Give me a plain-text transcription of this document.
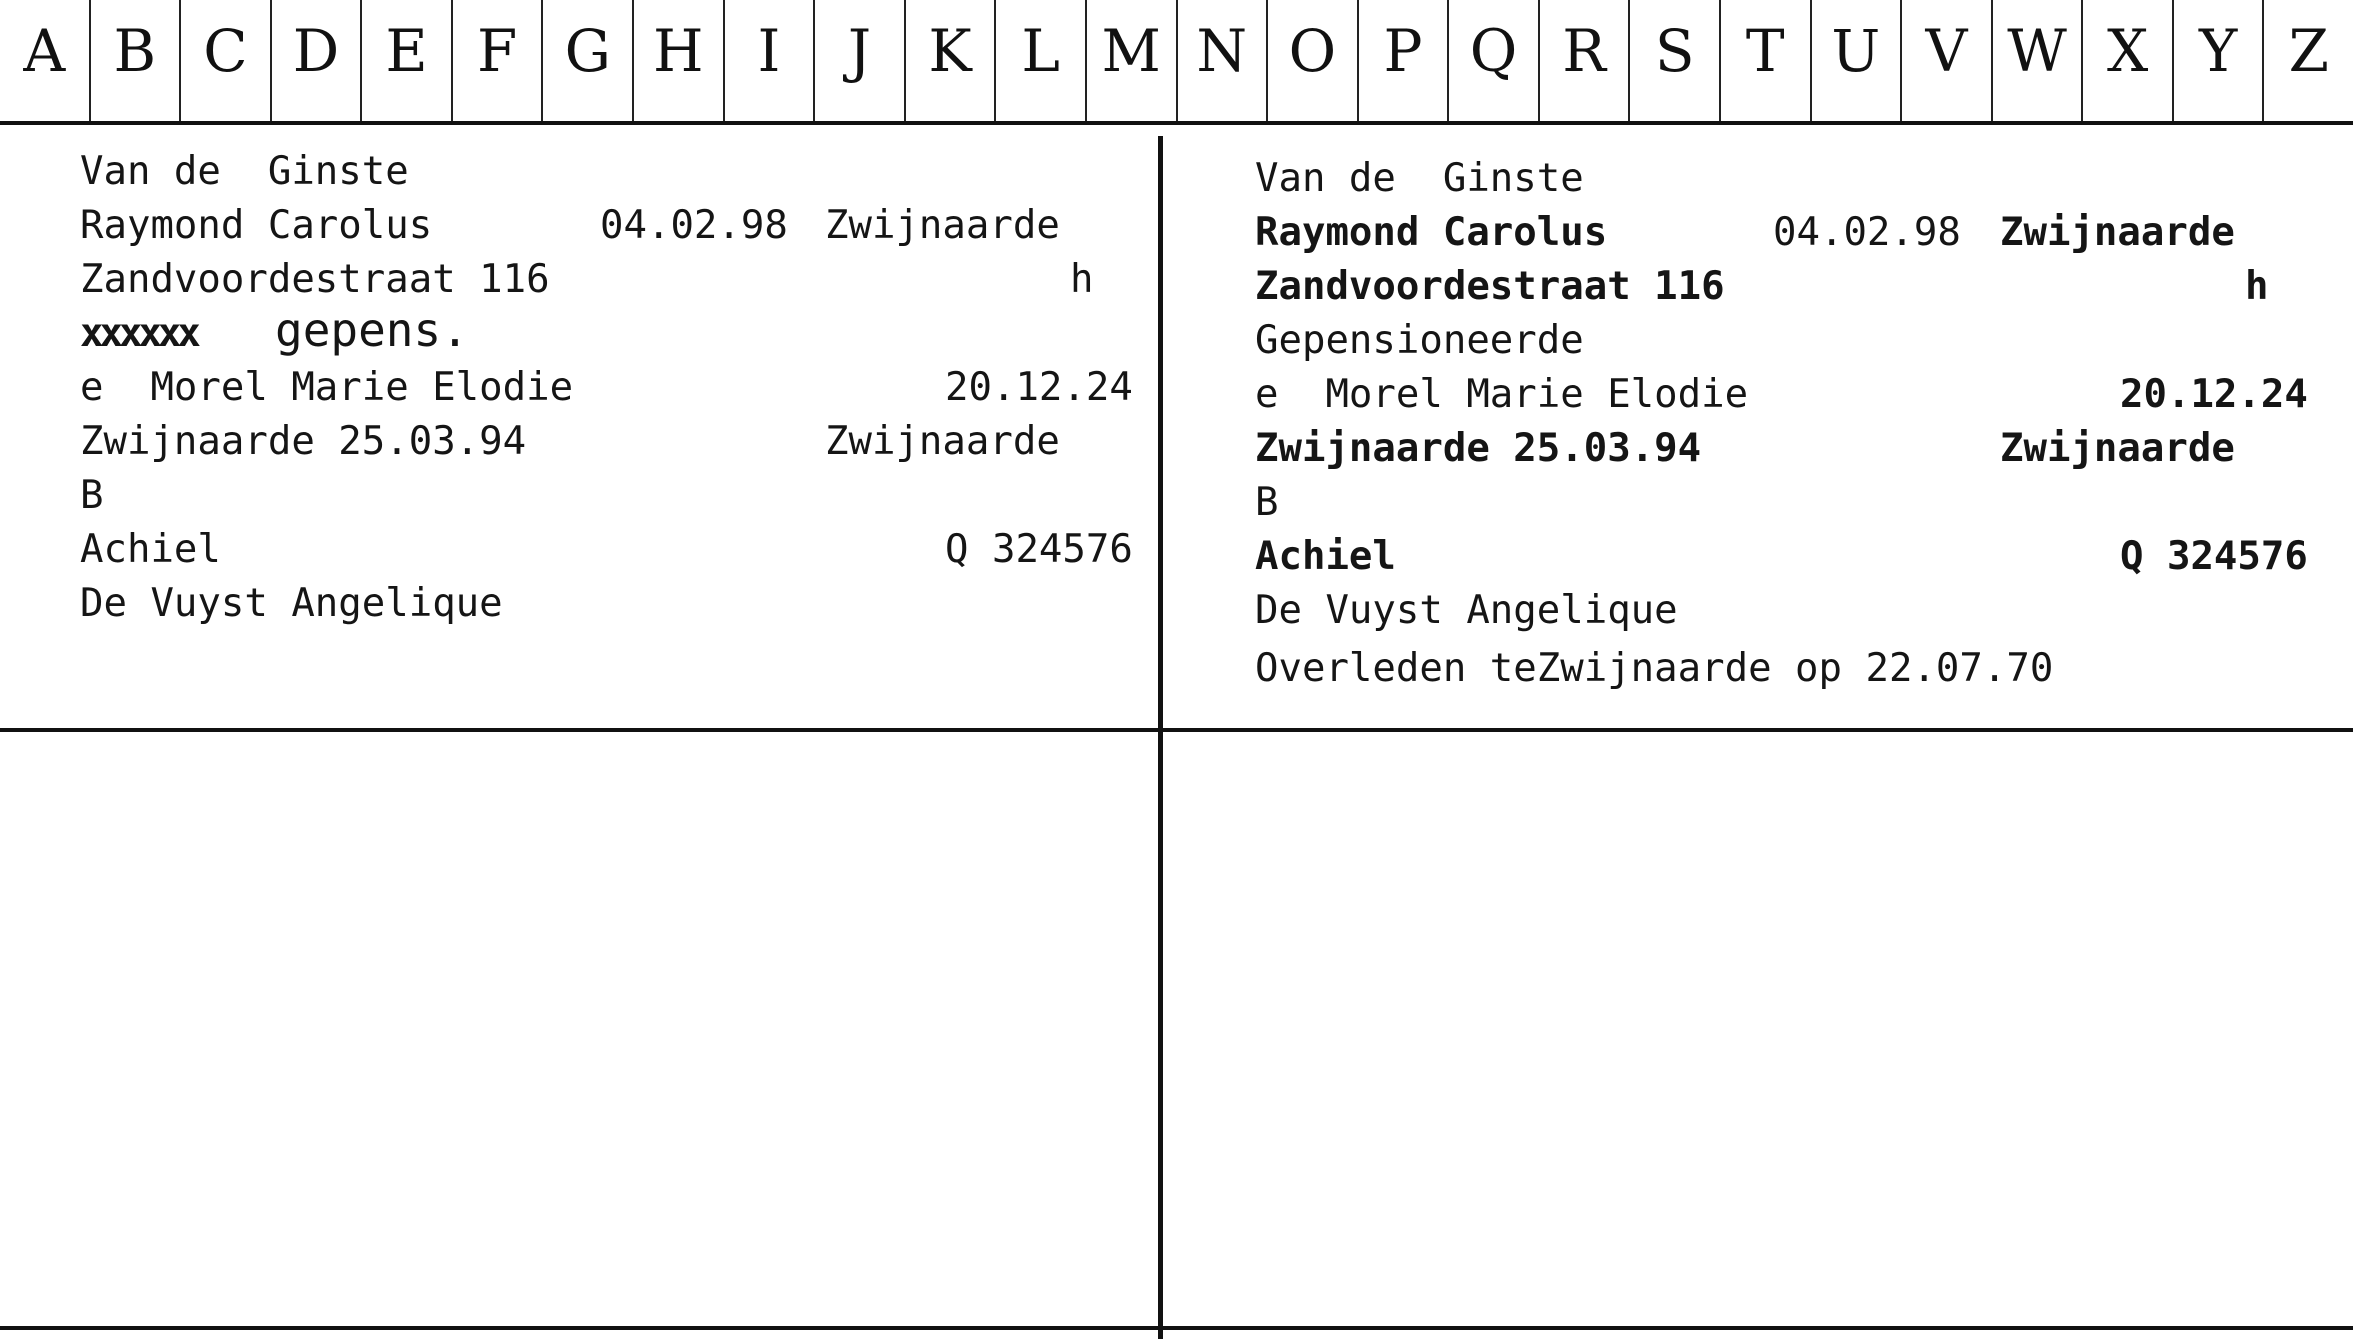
A B C D E F G H I	J K L M N O P Q R S T U V W X Y Z
Van de  Ginste
Raymond Carolus	04.02.98 Zwijnaarde
Zandvoordestraat 116	h
xxxxxx gepens.
e  Morel Marie Elodie	20.12.24
Zwijnaarde 25.03.94	Zwijnaarde
B
Achiel	Q 324576
De Vuyst Angelique
Van de  Ginste
Raymond Carolus	04.02.98 Zwijnaarde
Zandvoordestraat 116	h
Gepensioneerde
e  Morel Marie Elodie	20.12.24
Zwijnaarde 25.03.94	Zwijnaarde
B
Achiel	Q 324576
De Vuyst Angelique
Overleden teZwijnaarde op 22.07.70
